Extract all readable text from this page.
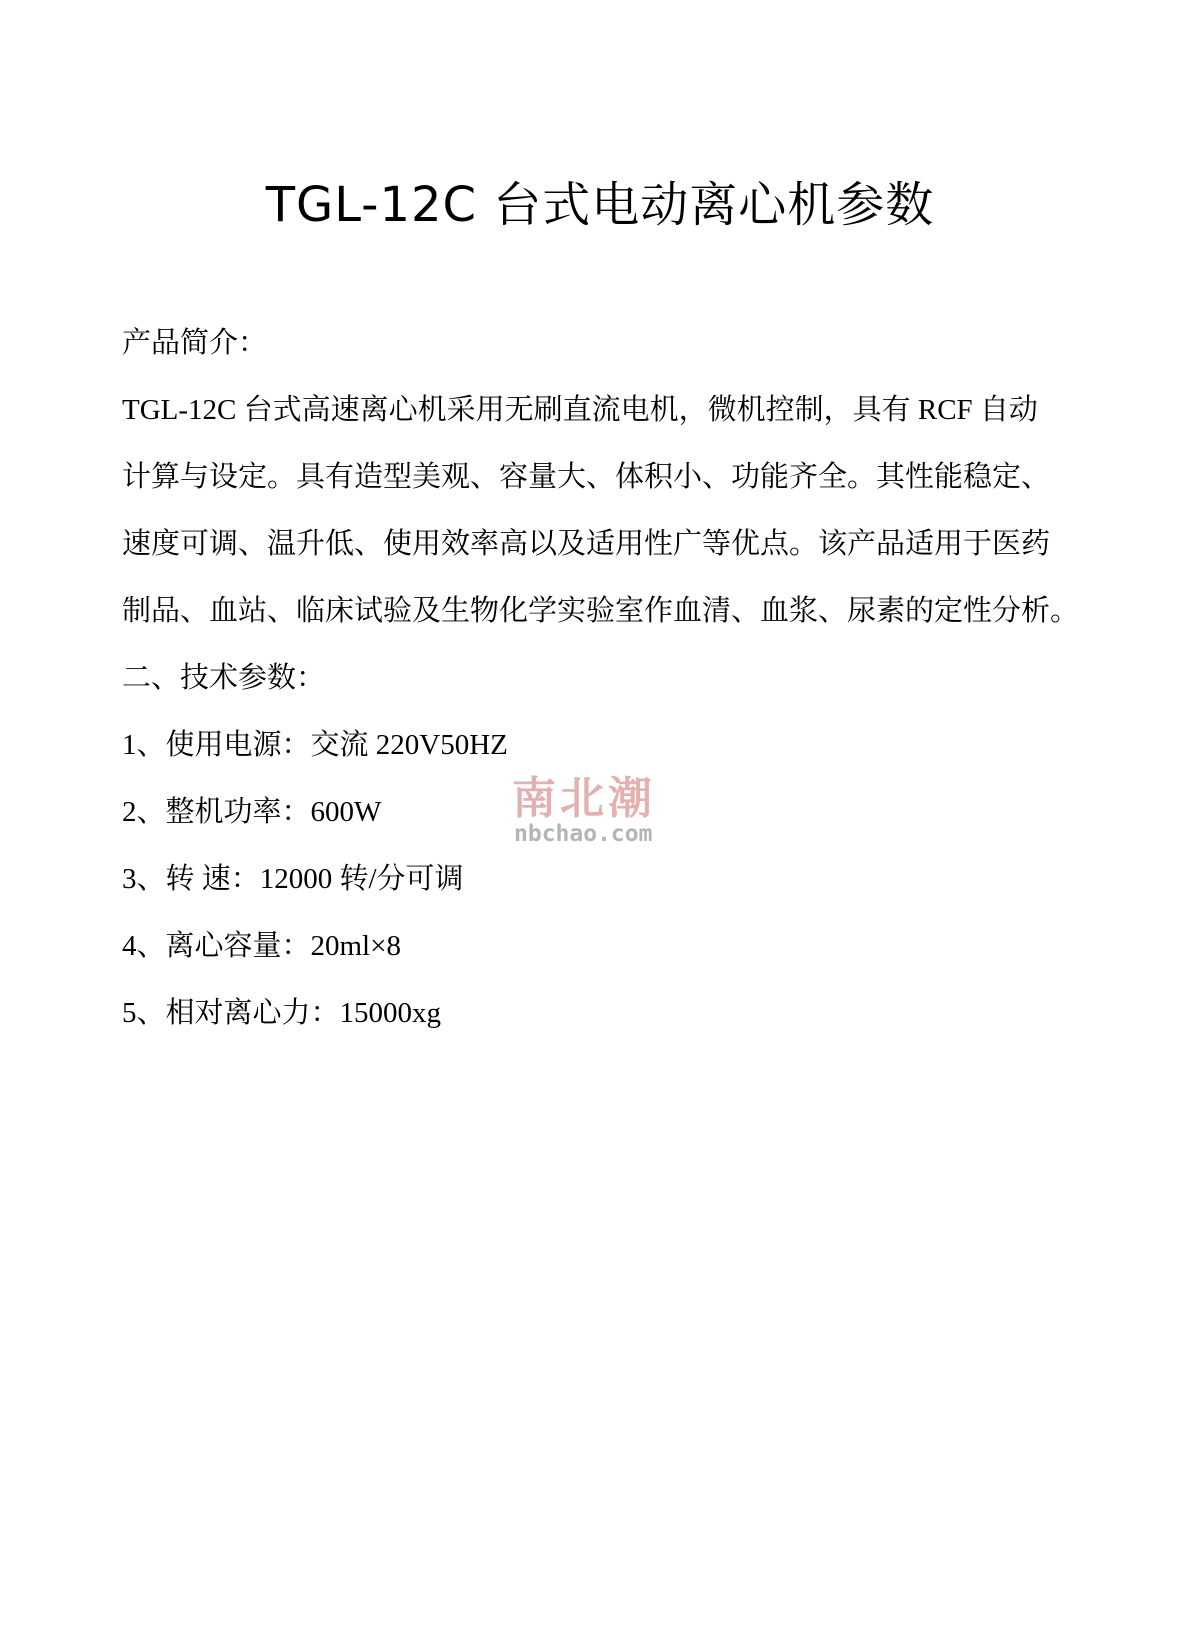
TGL-12C 台式电动离心机参数
产品简介：
TGL-12C 台式高速离心机采用无刷直流电机，微机控制，具有 RCF 自动
计算与设定。具有造型美观、容量大、体积小、功能齐全。其性能稳定、
速度可调、温升低、使用效率高以及适用性广等优点。该产品适用于医药
制品、血站、临床试验及生物化学实验室作血清、血浆、尿素的定性分析。
二、技术参数：
1、使用电源：交流 220V50HZ
2、整机功率：600W
3、转 速：12000 转/分可调
4、离心容量：20ml×8
5、相对离心力：15000xg
南北潮
nbchao.com
